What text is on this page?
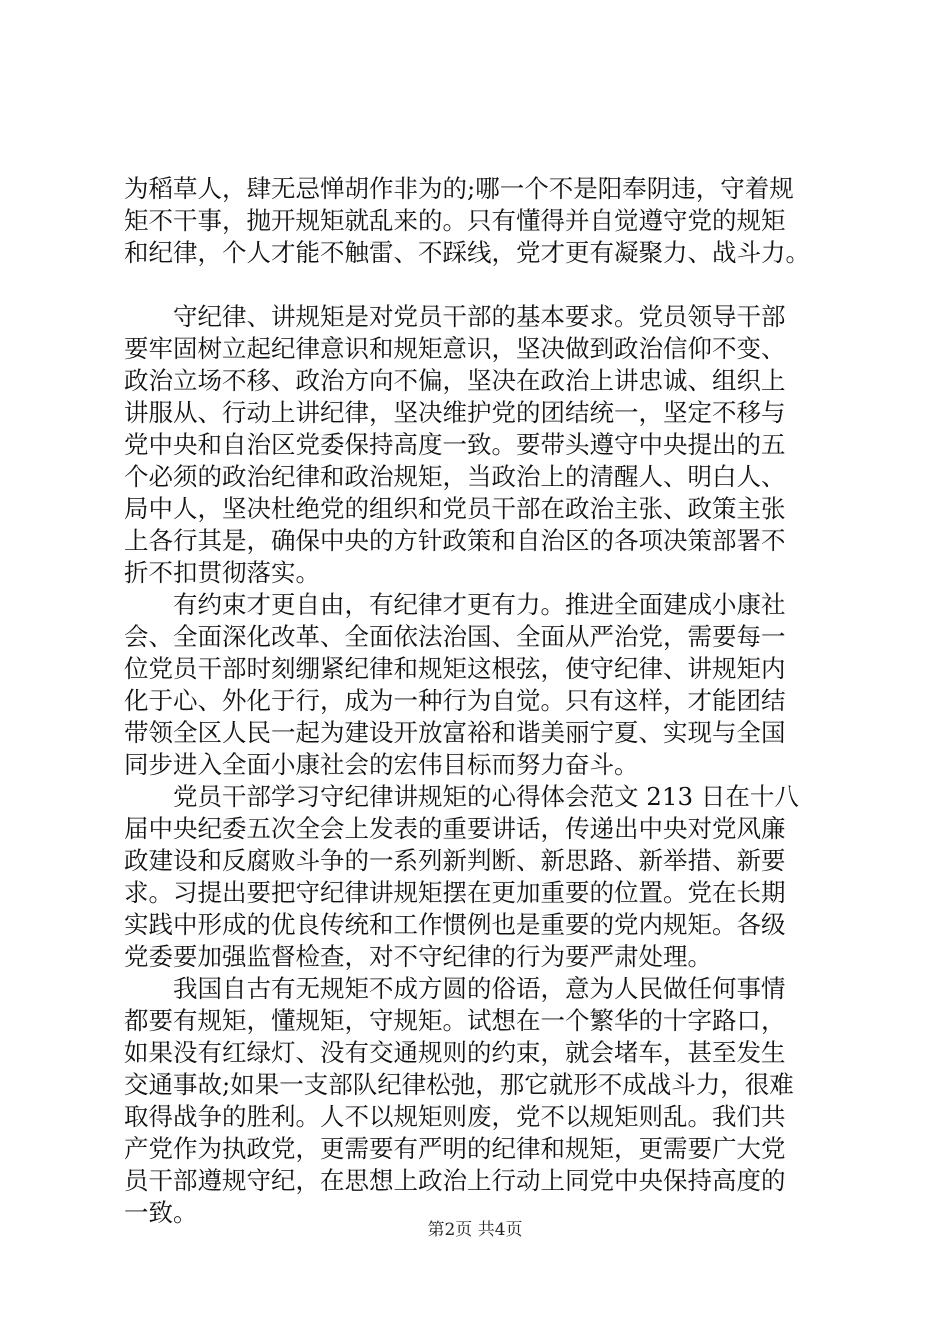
为稻草人，肆无忌惮胡作非为的;哪一个不是阳奉阴违，守着规
矩不干事，抛开规矩就乱来的。只有懂得并自觉遵守党的规矩
和纪律，个人才能不触雷、不踩线，党才更有凝聚力、战斗力。
　　守纪律、讲规矩是对党员干部的基本要求。党员领导干部
要牢固树立起纪律意识和规矩意识，坚决做到政治信仰不变、
政治立场不移、政治方向不偏，坚决在政治上讲忠诚、组织上
讲服从、行动上讲纪律，坚决维护党的团结统一，坚定不移与
党中央和自治区党委保持高度一致。要带头遵守中央提出的五
个必须的政治纪律和政治规矩，当政治上的清醒人、明白人、
局中人，坚决杜绝党的组织和党员干部在政治主张、政策主张
上各行其是，确保中央的方针政策和自治区的各项决策部署不
折不扣贯彻落实。
　　有约束才更自由，有纪律才更有力。推进全面建成小康社
会、全面深化改革、全面依法治国、全面从严治党，需要每一
位党员干部时刻绷紧纪律和规矩这根弦，使守纪律、讲规矩内
化于心、外化于行，成为一种行为自觉。只有这样，才能团结
带领全区人民一起为建设开放富裕和谐美丽宁夏、实现与全国
同步进入全面小康社会的宏伟目标而努力奋斗。
　　党员干部学习守纪律讲规矩的心得体会范文 213 日在十八
届中央纪委五次全会上发表的重要讲话，传递出中央对党风廉
政建设和反腐败斗争的一系列新判断、新思路、新举措、新要
求。习提出要把守纪律讲规矩摆在更加重要的位置。党在长期
实践中形成的优良传统和工作惯例也是重要的党内规矩。各级
党委要加强监督检查，对不守纪律的行为要严肃处理。
　　我国自古有无规矩不成方圆的俗语，意为人民做任何事情
都要有规矩，懂规矩，守规矩。试想在一个繁华的十字路口，
如果没有红绿灯、没有交通规则的约束，就会堵车，甚至发生
交通事故;如果一支部队纪律松弛，那它就形不成战斗力，很难
取得战争的胜利。人不以规矩则废，党不以规矩则乱。我们共
产党作为执政党，更需要有严明的纪律和规矩，更需要广大党
员干部遵规守纪，在思想上政治上行动上同党中央保持高度的
一致。
第2页 共4页
